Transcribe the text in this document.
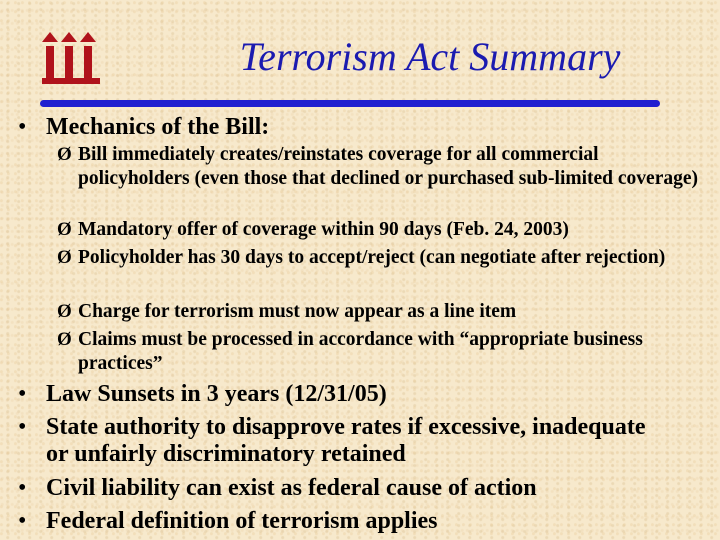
Terrorism Act Summary
• Mechanics of the Bill:
Ø Bill immediately creates/reinstates coverage for all commercial policyholders (even those that declined or purchased sub-limited coverage)
Ø Mandatory offer of coverage within 90 days (Feb. 24, 2003)
Ø Policyholder has 30 days to accept/reject (can negotiate after rejection)
Ø Charge for terrorism must now appear as a line item
Ø Claims must be processed in accordance with “appropriate business practices”
• Law Sunsets in 3 years (12/31/05)
• State authority to disapprove rates if excessive, inadequate or unfairly discriminatory retained
• Civil liability can exist as federal cause of action
• Federal definition of terrorism applies
